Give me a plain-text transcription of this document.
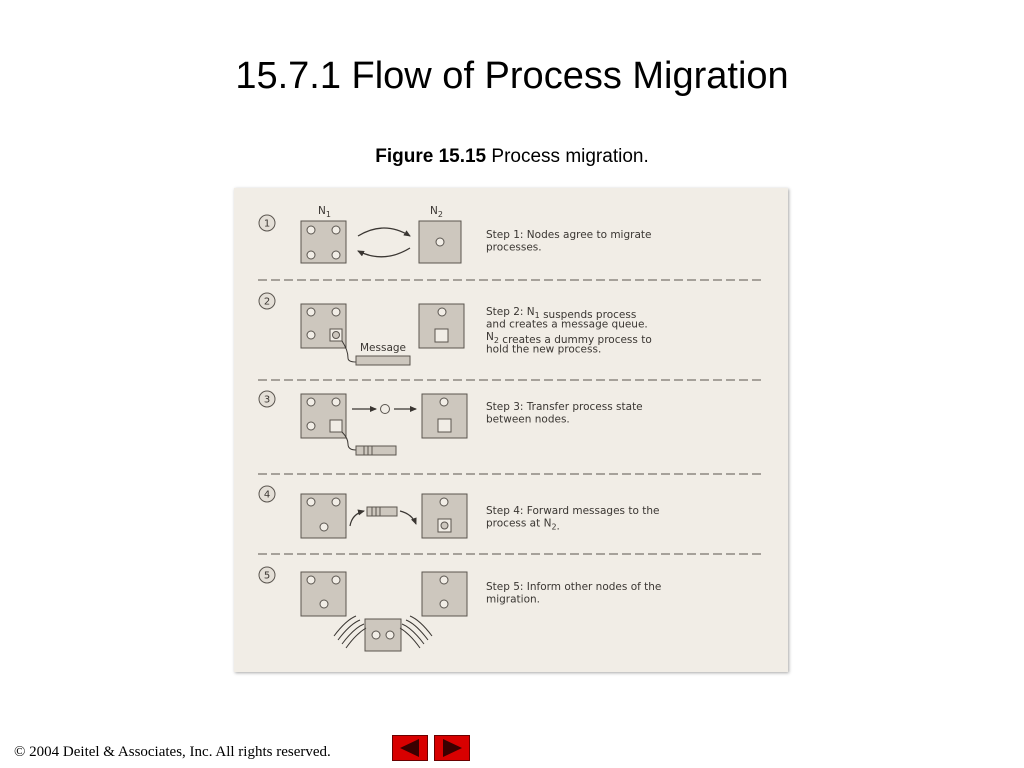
15.7.1 Flow of Process Migration
Figure 15.15 Process migration.
1
2
3
4
5
$N_1$	$N_2$
Message
Step 1: Nodes agree to migrate
processes.
Step 2: $N_1$ suspends process
and creates a message queue.
$N_2$ creates a dummy process to
hold the new process.
Step 3: Transfer process state
between nodes.
Step 4: Forward messages to the
process at $N_2$.
Step 5: Inform other nodes of the
migration.
© 2004 Deitel & Associates, Inc. All rights reserved.
